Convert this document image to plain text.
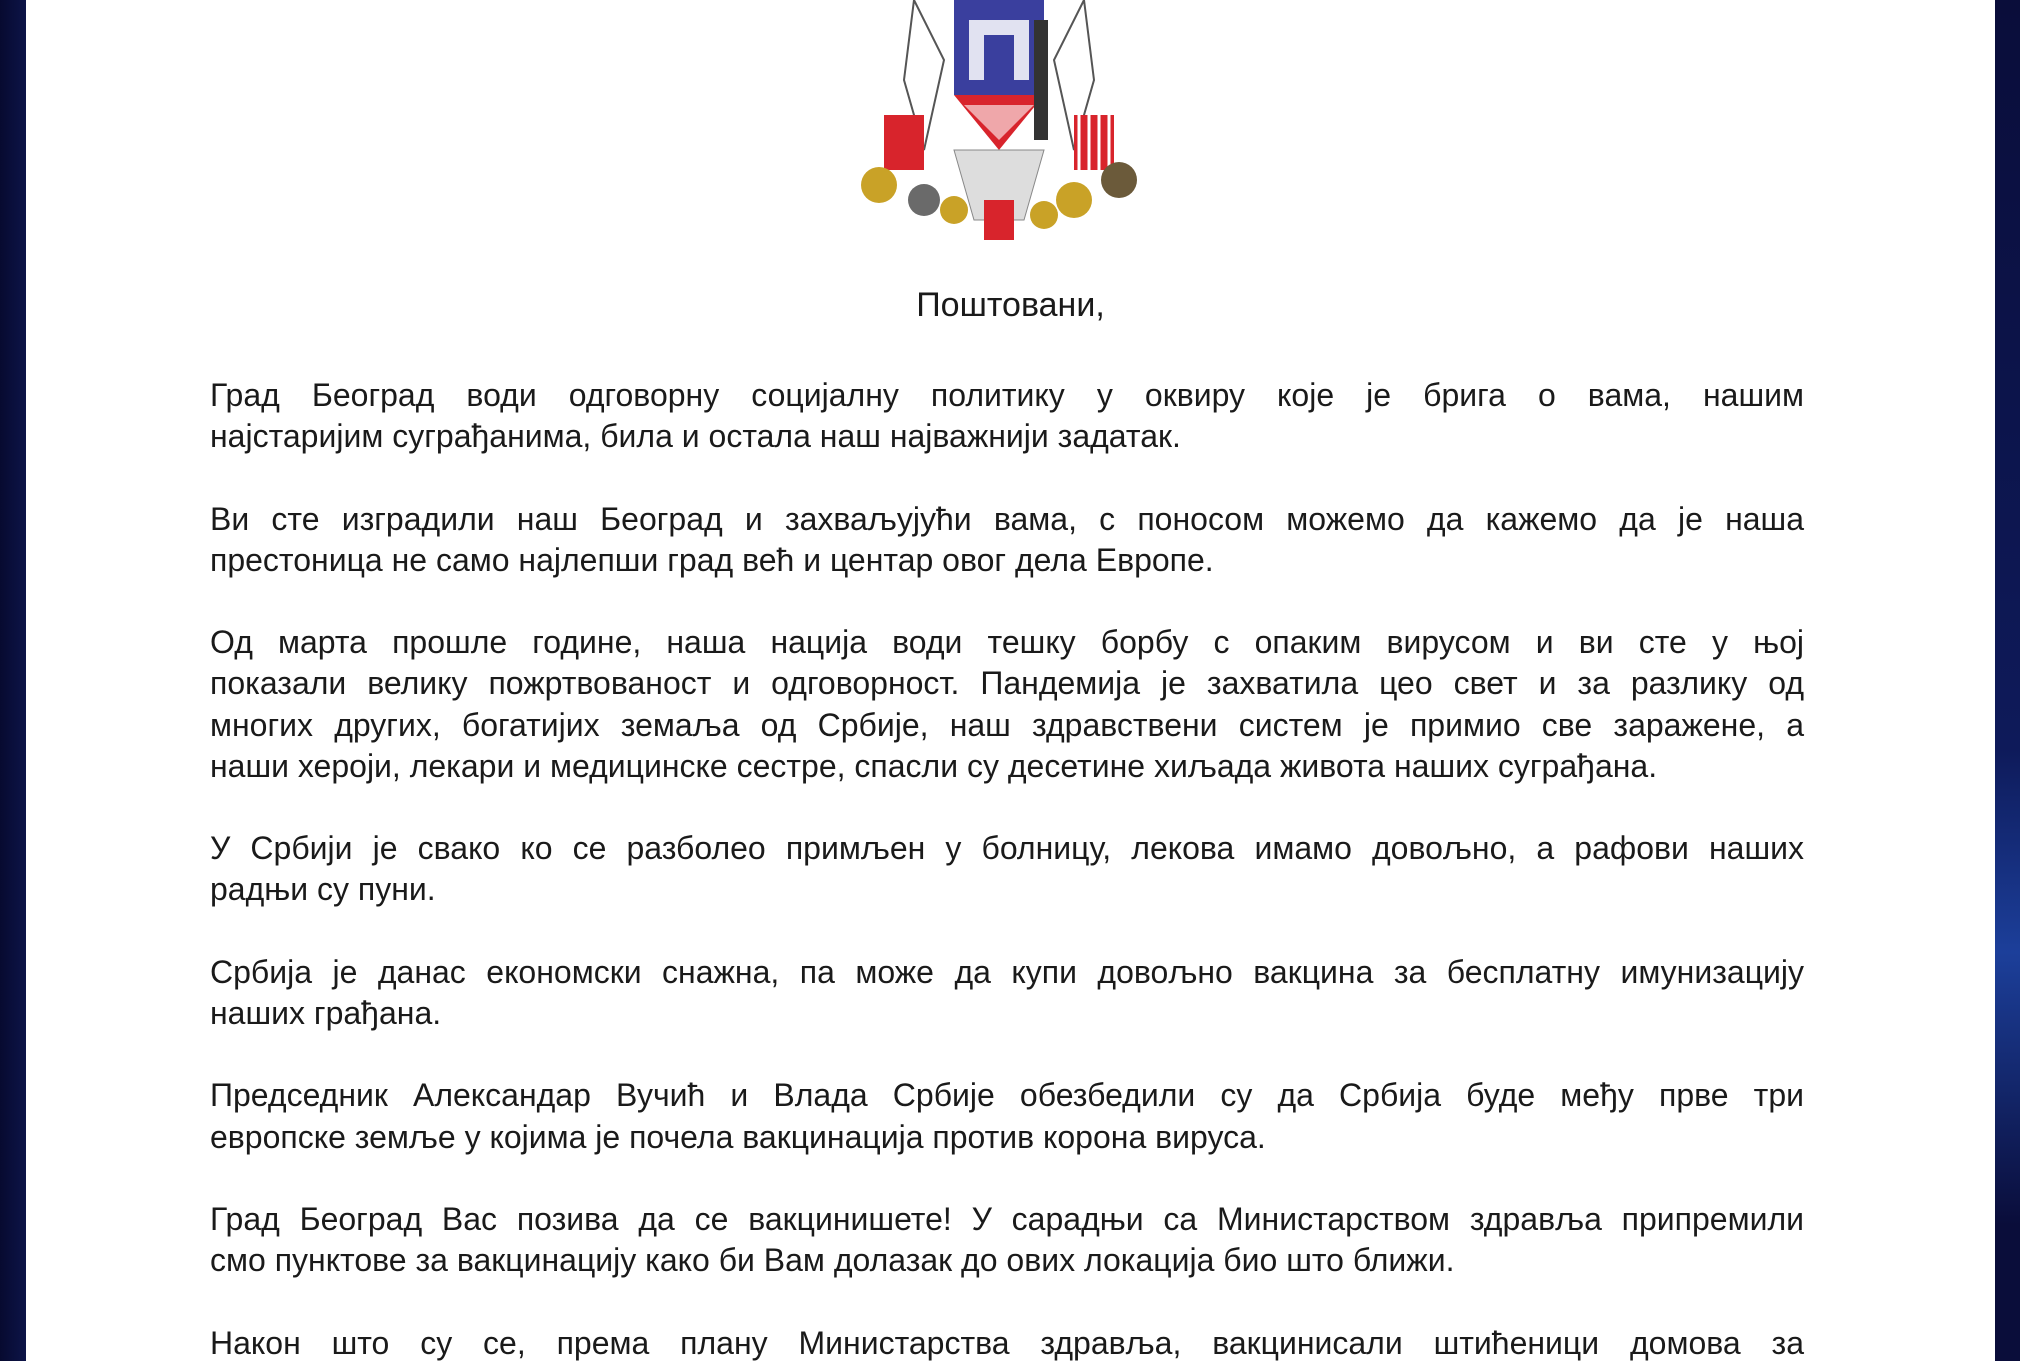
Поштовани,
Град Београд води одговорну социјалну политику у оквиру које је брига о вама, нашим
најстаријим суграђанима, била и остала наш најважнији задатак.
Ви сте изградили наш Београд и захваљујући вама, с поносом можемо да кажемо да је наша
престоница не само најлепши град већ и центар овог дела Европе.
Од марта прошле године, наша нација води тешку борбу с опаким вирусом и ви сте у њој
показали велику пожртвованост и одговорност. Пандемија је захватила цео свет и за разлику од
многих других, богатијих земаља од Србије, наш здравствени систем је примио све заражене, а
наши хероји, лекари и медицинске сестре, спасли су десетине хиљада живота наших суграђана.
У Србији је свако ко се разболео примљен у болницу, лекова имамо довољно, а рафови наших
радњи су пуни.
Србија је данас економски снажна, па може да купи довољно вакцина за бесплатну имунизацију
наших грађана.
Председник Александар Вучић и Влада Србије обезбедили су да Србија буде међу прве три
европске земље у којима је почела вакцинација против корона вируса.
Град Београд Вас позива да се вакцинишете! У сарадњи са Министарством здравља припремили
смо пунктове за вакцинацију како би Вам долазак до ових локација био што ближи.
Након што су се, према плану Министарства здравља, вакцинисали штићеници домова за
